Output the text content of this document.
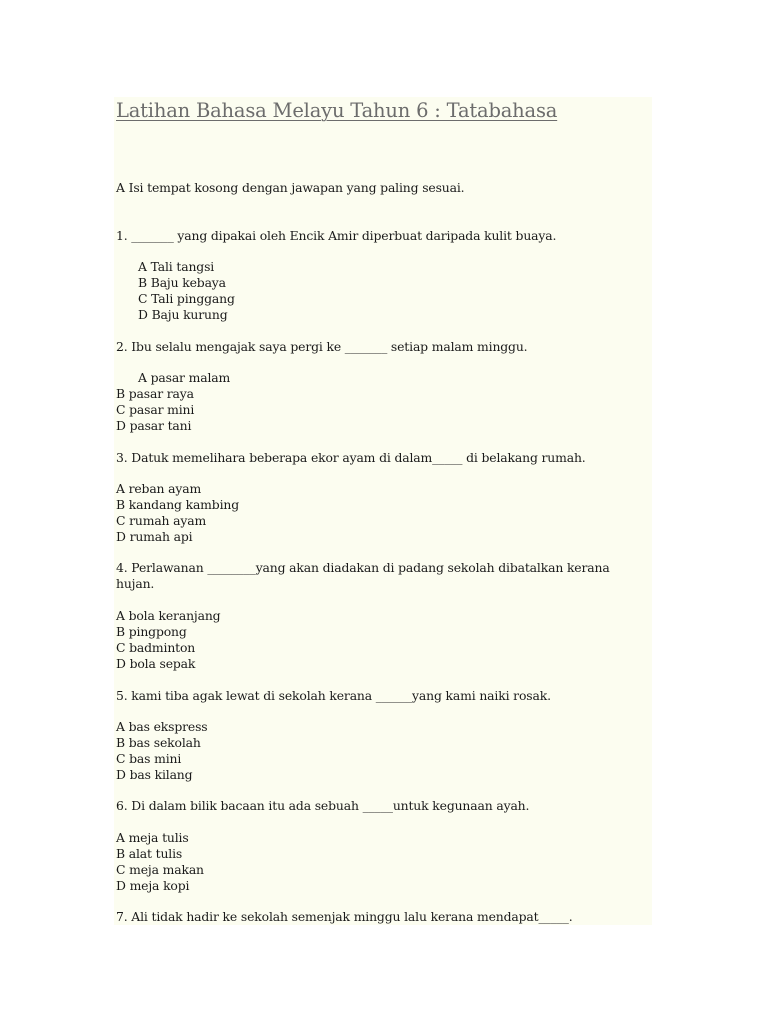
Latihan Bahasa Melayu Tahun 6 : Tatabahasa
A Isi tempat kosong dengan jawapan yang paling sesuai.
1. _______ yang dipakai oleh Encik Amir diperbuat daripada kulit buaya.
A Tali tangsi
B Baju kebaya
C Tali pinggang
D Baju kurung
2. Ibu selalu mengajak saya pergi ke _______ setiap malam minggu.
A pasar malam
B pasar raya
C pasar mini
D pasar tani
3. Datuk memelihara beberapa ekor ayam di dalam_____ di belakang rumah.
A reban ayam
B kandang kambing
C rumah ayam
D rumah api
4. Perlawanan ________yang akan diadakan di padang sekolah dibatalkan kerana hujan.
A bola keranjang
B pingpong
C badminton
D bola sepak
5. kami tiba agak lewat di sekolah kerana ______yang kami naiki rosak.
A bas ekspress
B bas sekolah
C bas mini
D bas kilang
6. Di dalam bilik bacaan itu ada sebuah _____untuk kegunaan ayah.
A meja tulis
B alat tulis
C meja makan
D meja kopi
7. Ali tidak hadir ke sekolah semenjak minggu lalu kerana mendapat_____.
